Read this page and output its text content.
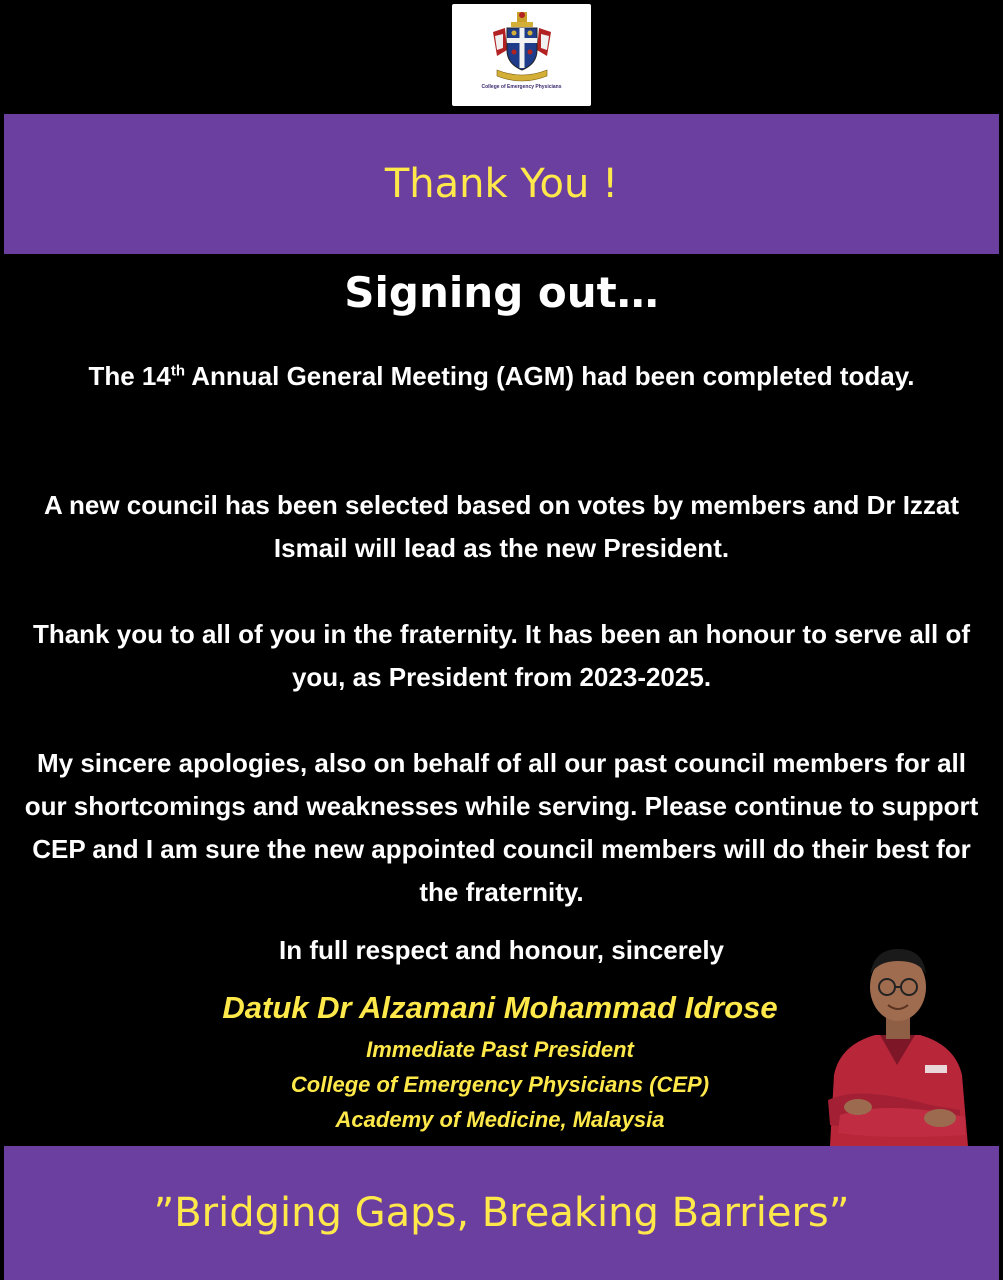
College of Emergency Physicians
Thank You !
Signing out…
The 14th Annual General Meeting (AGM) had been completed today.
A new council has been selected based on votes by members and Dr Izzat Ismail will lead as the new President.
Thank you to all of you in the fraternity. It has been an honour to serve all of you, as President from 2023-2025.
My sincere apologies, also on behalf of all our past council members for all our shortcomings and weaknesses while serving. Please continue to support CEP and I am sure the new appointed council members will do their best for the fraternity.
In full respect and honour, sincerely
Datuk Dr Alzamani Mohammad Idrose
Immediate Past President
College of Emergency Physicians (CEP)
Academy of Medicine, Malaysia
”Bridging Gaps, Breaking Barriers”
